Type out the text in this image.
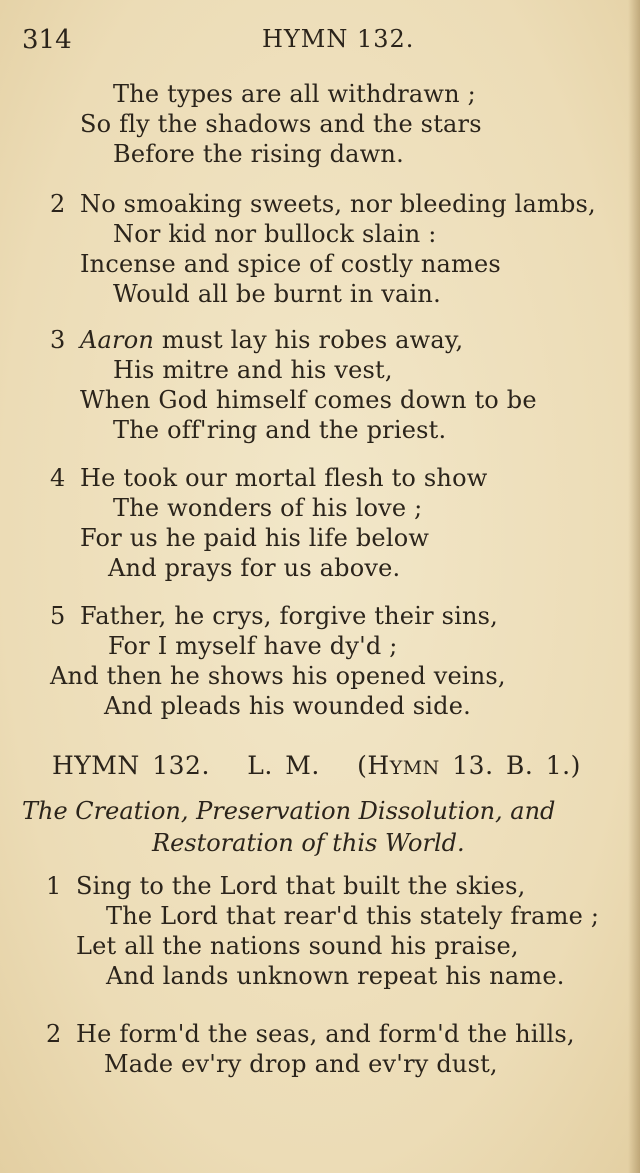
314	HYMN 132.
The types are all withdrawn ;
So fly the shadows and the stars
Before the rising dawn.
2 No smoaking sweets, nor bleeding lambs,
Nor kid nor bullock slain :
Incense and spice of costly names
Would all be burnt in vain.
3 Aaron must lay his robes away,
His mitre and his vest,
When God himself comes down to be
The off'ring and the priest.
4 He took our mortal flesh to show
The wonders of his love ;
For us he paid his life below
And prays for us above.
5 Father, he crys, forgive their sins,
For I myself have dy'd ;
And then he shows his opened veins,
And pleads his wounded side.
HYMN 132. L. M. (HYMN 13. B. 1.)
The Creation, Preservation Dissolution, and
Restoration of this World.
1 Sing to the Lord that built the skies,
The Lord that rear'd this stately frame ;
Let all the nations sound his praise,
And lands unknown repeat his name.
2 He form'd the seas, and form'd the hills,
Made ev'ry drop and ev'ry dust,
